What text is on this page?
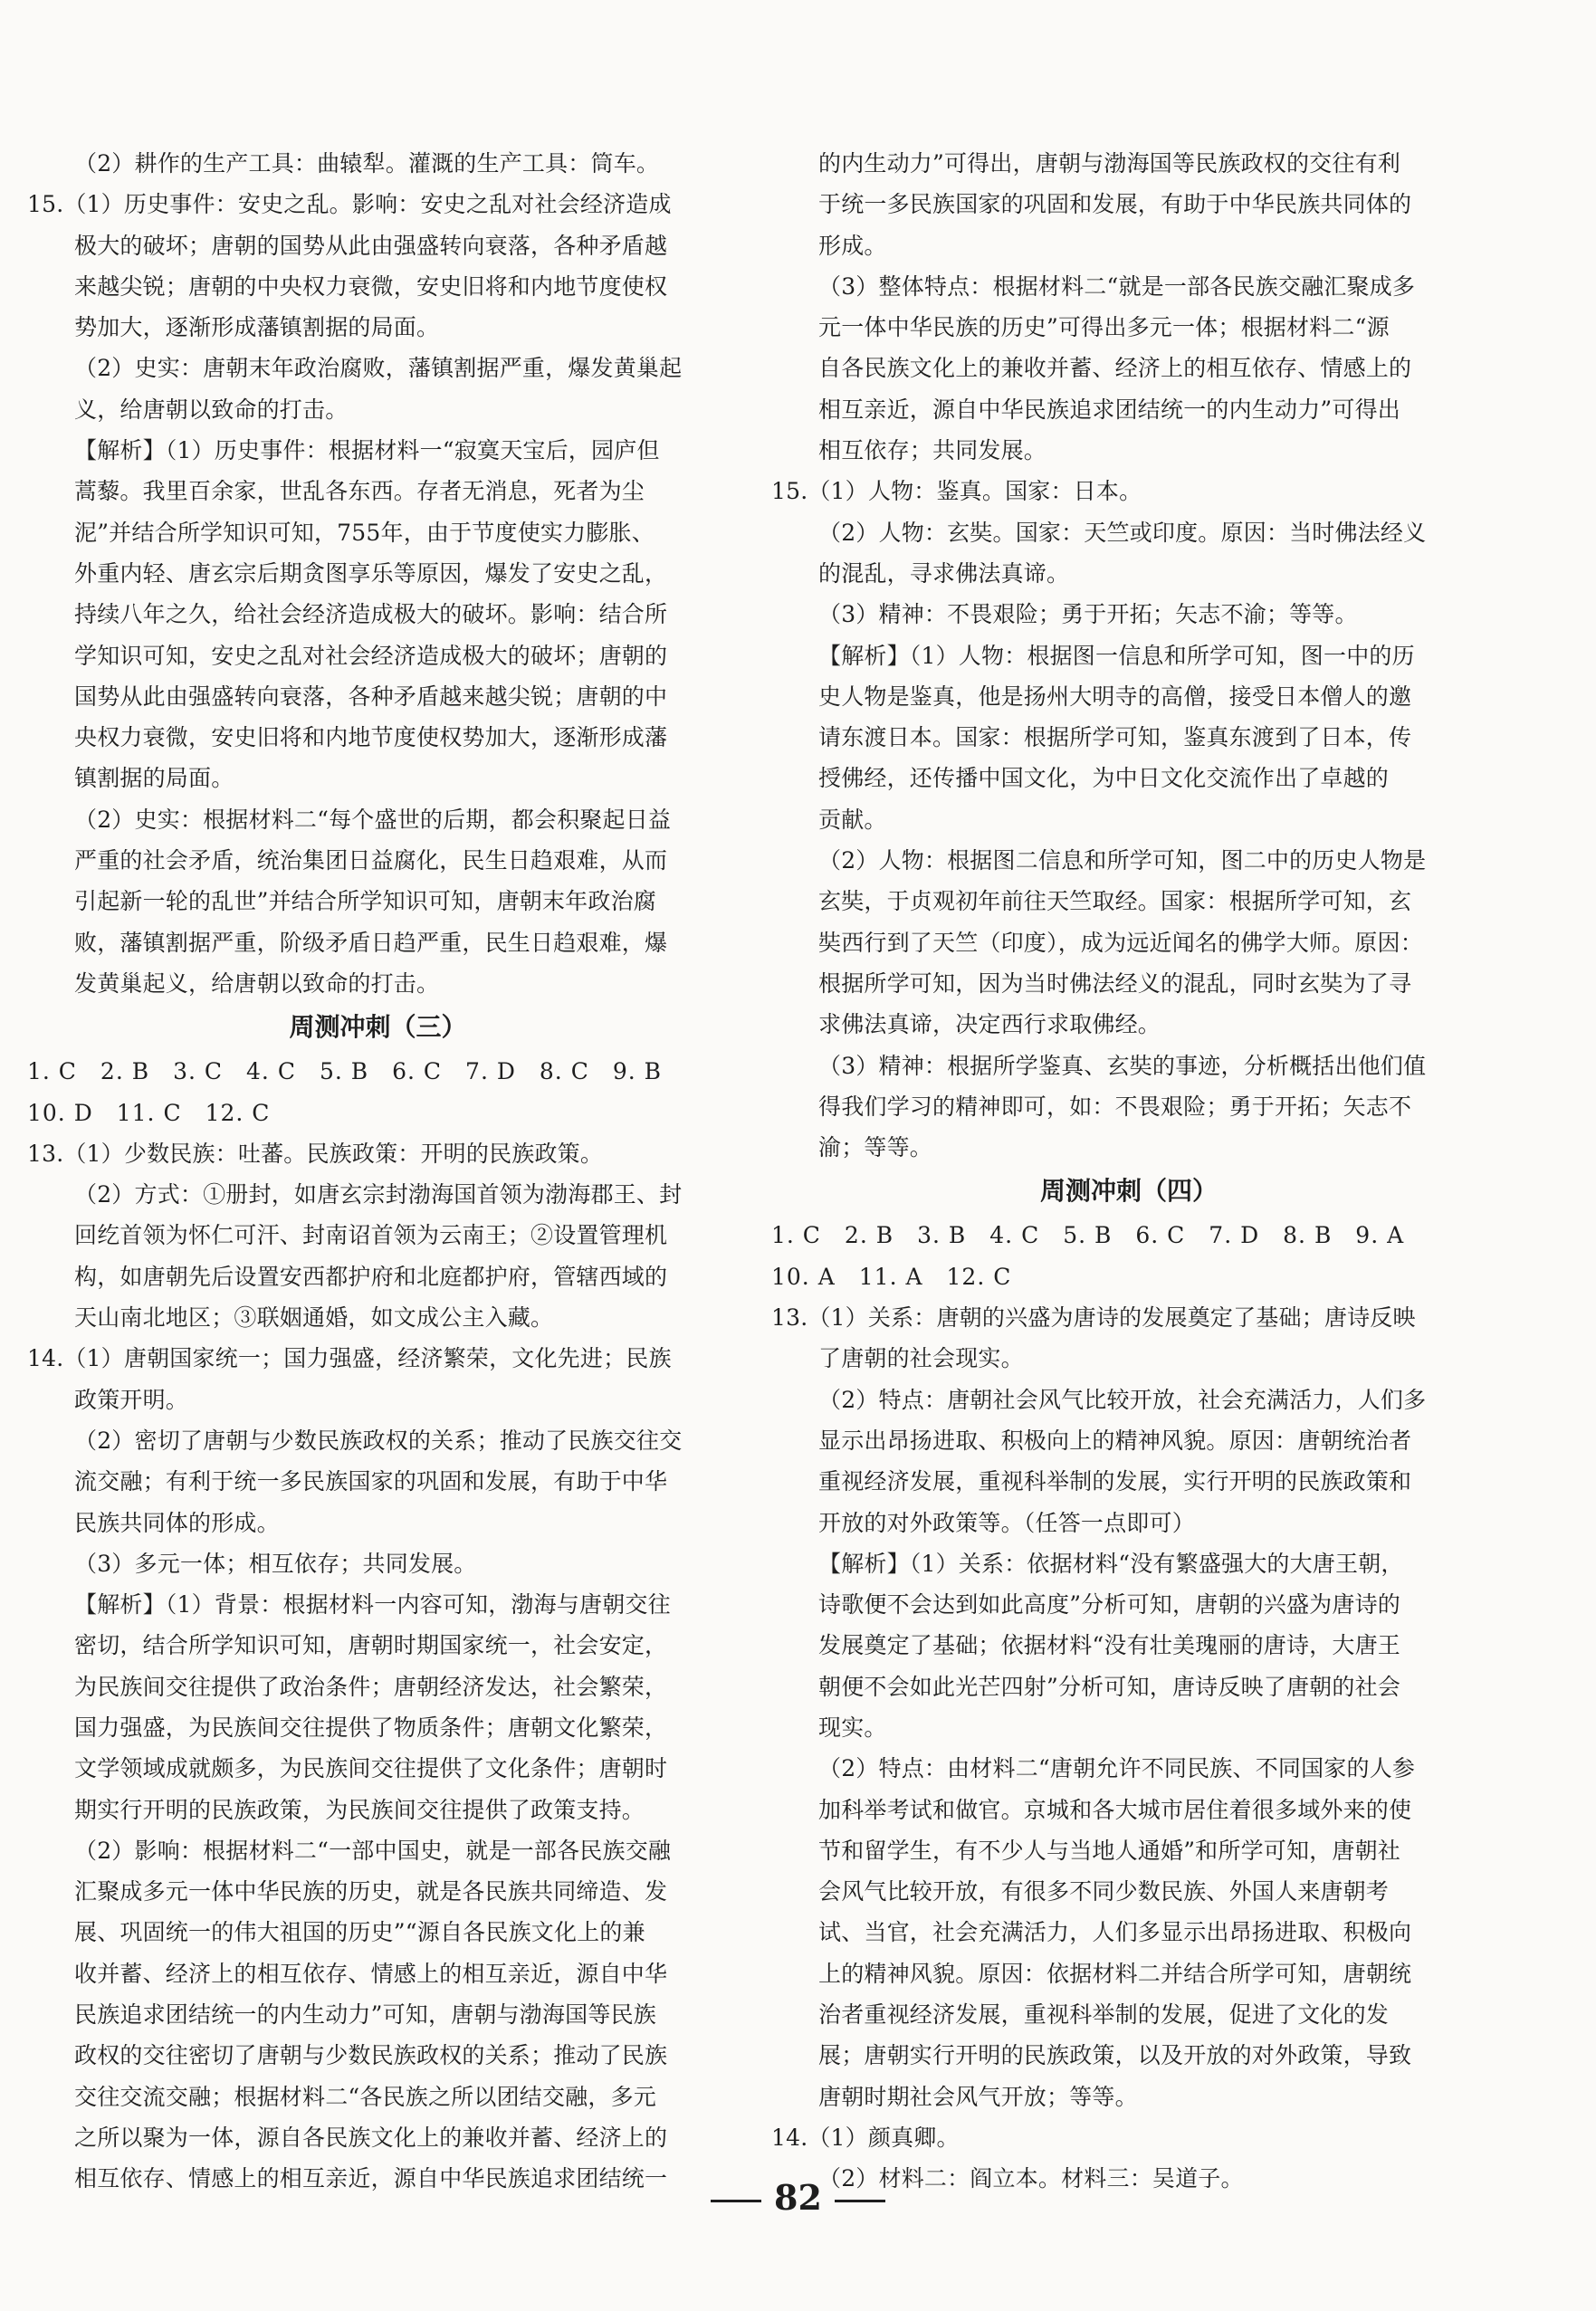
（2）耕作的生产工具：曲辕犁。灌溉的生产工具：筒车。
15.（1）历史事件：安史之乱。影响：安史之乱对社会经济造成
极大的破坏；唐朝的国势从此由强盛转向衰落，各种矛盾越
来越尖锐；唐朝的中央权力衰微，安史旧将和内地节度使权
势加大，逐渐形成藩镇割据的局面。
（2）史实：唐朝末年政治腐败，藩镇割据严重，爆发黄巢起
义，给唐朝以致命的打击。
【解析】（1）历史事件：根据材料一“寂寞天宝后，园庐但
蒿藜。我里百余家，世乱各东西。存者无消息，死者为尘
泥”并结合所学知识可知，755年，由于节度使实力膨胀、
外重内轻、唐玄宗后期贪图享乐等原因，爆发了安史之乱，
持续八年之久，给社会经济造成极大的破坏。影响：结合所
学知识可知，安史之乱对社会经济造成极大的破坏；唐朝的
国势从此由强盛转向衰落，各种矛盾越来越尖锐；唐朝的中
央权力衰微，安史旧将和内地节度使权势加大，逐渐形成藩
镇割据的局面。
（2）史实：根据材料二“每个盛世的后期，都会积聚起日益
严重的社会矛盾，统治集团日益腐化，民生日趋艰难，从而
引起新一轮的乱世”并结合所学知识可知，唐朝末年政治腐
败，藩镇割据严重，阶级矛盾日趋严重，民生日趋艰难，爆
发黄巢起义，给唐朝以致命的打击。
周测冲刺（三）
1. C　2. B　3. C　4. C　5. B　6. C　7. D　8. C　9. B
10. D　11. C　12. C
13.（1）少数民族：吐蕃。民族政策：开明的民族政策。
（2）方式：①册封，如唐玄宗封渤海国首领为渤海郡王、封
回纥首领为怀仁可汗、封南诏首领为云南王；②设置管理机
构，如唐朝先后设置安西都护府和北庭都护府，管辖西域的
天山南北地区；③联姻通婚，如文成公主入藏。
14.（1）唐朝国家统一；国力强盛，经济繁荣，文化先进；民族
政策开明。
（2）密切了唐朝与少数民族政权的关系；推动了民族交往交
流交融；有利于统一多民族国家的巩固和发展，有助于中华
民族共同体的形成。
（3）多元一体；相互依存；共同发展。
【解析】（1）背景：根据材料一内容可知，渤海与唐朝交往
密切，结合所学知识可知，唐朝时期国家统一，社会安定，
为民族间交往提供了政治条件；唐朝经济发达，社会繁荣，
国力强盛，为民族间交往提供了物质条件；唐朝文化繁荣，
文学领域成就颇多，为民族间交往提供了文化条件；唐朝时
期实行开明的民族政策，为民族间交往提供了政策支持。
（2）影响：根据材料二“一部中国史，就是一部各民族交融
汇聚成多元一体中华民族的历史，就是各民族共同缔造、发
展、巩固统一的伟大祖国的历史”“源自各民族文化上的兼
收并蓄、经济上的相互依存、情感上的相互亲近，源自中华
民族追求团结统一的内生动力”可知，唐朝与渤海国等民族
政权的交往密切了唐朝与少数民族政权的关系；推动了民族
交往交流交融；根据材料二“各民族之所以团结交融，多元
之所以聚为一体，源自各民族文化上的兼收并蓄、经济上的
相互依存、情感上的相互亲近，源自中华民族追求团结统一
的内生动力”可得出，唐朝与渤海国等民族政权的交往有利
于统一多民族国家的巩固和发展，有助于中华民族共同体的
形成。
（3）整体特点：根据材料二“就是一部各民族交融汇聚成多
元一体中华民族的历史”可得出多元一体；根据材料二“源
自各民族文化上的兼收并蓄、经济上的相互依存、情感上的
相互亲近，源自中华民族追求团结统一的内生动力”可得出
相互依存；共同发展。
15.（1）人物：鉴真。国家：日本。
（2）人物：玄奘。国家：天竺或印度。原因：当时佛法经义
的混乱，寻求佛法真谛。
（3）精神：不畏艰险；勇于开拓；矢志不渝；等等。
【解析】（1）人物：根据图一信息和所学可知，图一中的历
史人物是鉴真，他是扬州大明寺的高僧，接受日本僧人的邀
请东渡日本。国家：根据所学可知，鉴真东渡到了日本，传
授佛经，还传播中国文化，为中日文化交流作出了卓越的
贡献。
（2）人物：根据图二信息和所学可知，图二中的历史人物是
玄奘，于贞观初年前往天竺取经。国家：根据所学可知，玄
奘西行到了天竺（印度），成为远近闻名的佛学大师。原因：
根据所学可知，因为当时佛法经义的混乱，同时玄奘为了寻
求佛法真谛，决定西行求取佛经。
（3）精神：根据所学鉴真、玄奘的事迹，分析概括出他们值
得我们学习的精神即可，如：不畏艰险；勇于开拓；矢志不
渝；等等。
周测冲刺（四）
1. C　2. B　3. B　4. C　5. B　6. C　7. D　8. B　9. A
10. A　11. A　12. C
13.（1）关系：唐朝的兴盛为唐诗的发展奠定了基础；唐诗反映
了唐朝的社会现实。
（2）特点：唐朝社会风气比较开放，社会充满活力，人们多
显示出昂扬进取、积极向上的精神风貌。原因：唐朝统治者
重视经济发展，重视科举制的发展，实行开明的民族政策和
开放的对外政策等。（任答一点即可）
【解析】（1）关系：依据材料“没有繁盛强大的大唐王朝，
诗歌便不会达到如此高度”分析可知，唐朝的兴盛为唐诗的
发展奠定了基础；依据材料“没有壮美瑰丽的唐诗，大唐王
朝便不会如此光芒四射”分析可知，唐诗反映了唐朝的社会
现实。
（2）特点：由材料二“唐朝允许不同民族、不同国家的人参
加科举考试和做官。京城和各大城市居住着很多域外来的使
节和留学生，有不少人与当地人通婚”和所学可知，唐朝社
会风气比较开放，有很多不同少数民族、外国人来唐朝考
试、当官，社会充满活力，人们多显示出昂扬进取、积极向
上的精神风貌。原因：依据材料二并结合所学可知，唐朝统
治者重视经济发展，重视科举制的发展，促进了文化的发
展；唐朝实行开明的民族政策，以及开放的对外政策，导致
唐朝时期社会风气开放；等等。
14.（1）颜真卿。
（2）材料二：阎立本。材料三：吴道子。
82
